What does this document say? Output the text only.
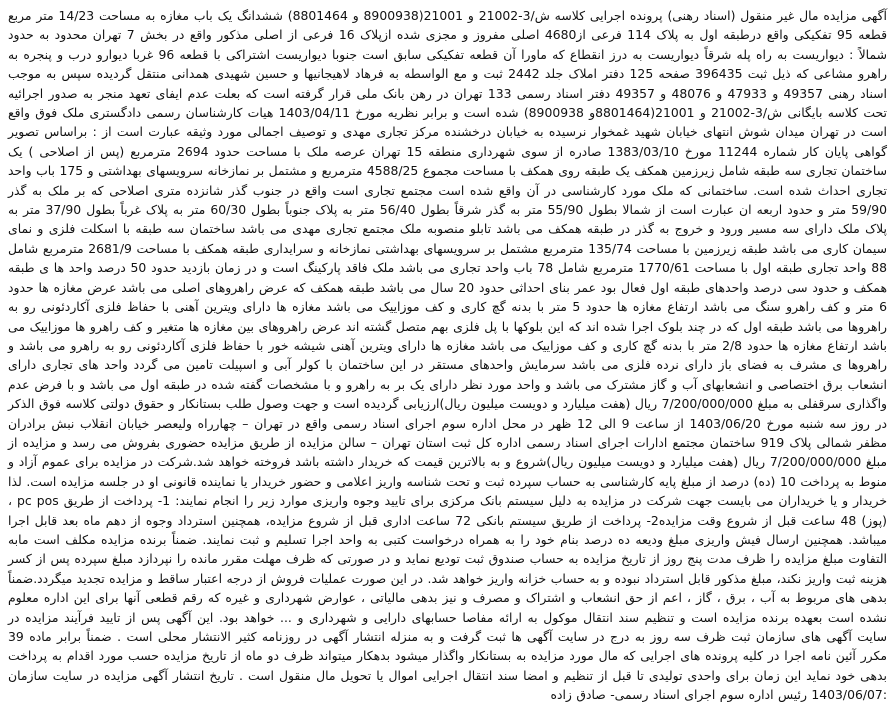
آگهی مزایده مال غیر منقول (اسناد رهنی) پرونده اجرایی کلاسه ش/3-21002 و 21001(8900938 و 8801464) ششدانگ یک باب مغازه به مساحت 14/23 متر مربع قطعه 95 تفکیکی واقع درطبقه اول به پلاک 114 فرعی از4680 اصلی مفروز و مجزی شده ازپلاک 16 فرعی از اصلی مذکور واقع در بخش 7 تهران محدود به حدود شمالاً : دیواریست به راه پله شرقاً دیواریست به درز انقطاع که ماورا آن قطعه تفکیکی سابق است جنوبا دیواریست اشتراکی با قطعه 96 غربا دیوارو درب و پنجره به راهرو مشاعی که ذیل ثبت 396435 صفحه 125 دفتر املاک جلد 2442 ثبت و مع الواسطه به فرهاد لاهیجانیها و حسین شهیدی همدانی منتقل گردیده سپس به موجب اسناد رهنی 49357 و 47933 و 48076 و 49357 دفتر اسناد رسمی 133 تهران در رهن بانک ملی قرار گرفته است که بعلت عدم ایفای تعهد منجر به صدور اجرائیه تحت کلاسه بایگانی ش/3-21002 و 21001(8801464و 8900938) شده است و برابر نظریه مورخ 1403/04/11 هیات کارشناسان رسمی دادگستری ملک فوق واقع است در تهران میدان شوش انتهای خیابان شهید غمخوار نرسیده به خیابان درخشنده مرکز تجاری مهدی و توصیف اجمالی مورد وثیقه عبارت است از : براساس تصویر گواهی پایان کار شماره 11244 مورخ 1383/03/10 صادره از سوی شهرداری منطقه 15 تهران عرصه ملک با مساحت حدود 2694 مترمربع (پس از اصلاحی ) یک ساختمان تجاری سه طبقه شامل زیرزمین همکف یک طبقه روی همکف با مساحت مجموع 4588/25 مترمربع و مشتمل بر نمازخانه سرویسهای بهداشتی و 175 باب واحد تجاری احداث شده است. ساختمانی که ملک مورد کارشناسی در آن واقع شده است مجتمع تجاری است واقع در جنوب گذر شانزده متری اصلاحی که بر ملک به گذر 59/90 متر و حدود اربعه ان عبارت است از شمالا بطول 55/90 متر به گذر شرقاً بطول 56/40 متر به پلاک جنوباً بطول 60/30 متر به پلاک غرباً بطول 37/90 متر به پلاک ملک دارای سه مسیر ورود و خروج به گذر در طبقه همکف می باشد تابلو منصوبه ملک مجتمع تجاری مهدی می باشد ساختمان سه طبقه با اسکلت فلزی و نمای سیمان کاری می باشد طبقه زیرزمین با مساحت 135/74 مترمربع مشتمل بر سرویسهای بهداشتی نمازخانه و سرایداری طبقه همکف با مساحت 2681/9 مترمربع شامل 88 واحد تجاری طبقه اول با مساحت 1770/61 مترمربع شامل 78 باب واحد تجاری می باشد ملک فاقد پارکینگ است و در زمان بازدید حدود 50 درصد واحد ها ی طبقه همکف و حدود سی درصد واحدهای طبقه اول فعال بود عمر بنای احداثی حدود 20 سال می باشد طبقه همکف که عرض راهروهای اصلی می باشد عرض مغازه ها حدود 6 متر و کف راهرو سنگ می باشد ارتفاع مغازه ها حدود 5 متر با بدنه گچ کاری و کف موزاییک می باشد مغازه ها دارای ویترین آهنی با حفاظ فلزی آکاردئونی رو به راهروها می باشد طبقه اول که در چند بلوک اجرا شده اند که این بلوکها با پل فلزی بهم متصل گشته اند عرض راهروهای بین مغازه ها متغیر و کف راهرو ها موزاییک می باشد ارتفاع مغازه ها حدود 2/8 متر با بدنه گچ کاری و کف موزاییک می باشد مغازه ها دارای ویترین آهنی شیشه خور با حفاظ فلزی آکاردئونی رو به راهرو می باشد و راهروها ی مشرف به فضای باز دارای نرده فلزی می باشد سرمایش واحدهای مستقر در این ساختمان با کولر آبی و اسپیلت تامین می گردد واحد های تجاری دارای انشعاب برق اختصاصی و انشعابهای آب و گاز مشترک می باشد و واحد مورد نظر دارای یک بر به راهرو و با مشخصات گفته شده در طبقه اول می باشد و با فرض عدم واگذاری سرقفلی به مبلغ 7/200/000/000 ریال (هفت میلیارد و دویست میلیون ریال)ارزیابی گردیده است و جهت وصول طلب بستانکار و حقوق دولتی کلاسه فوق الذکر در روز سه شنبه مورخ 1403/06/20 از ساعت 9 الی 12 ظهر در محل اداره سوم اجرای اسناد رسمی واقع در تهران – چهارراه ولیعصر خیابان انقلاب نبش برادران مظفر شمالی پلاک 919 ساختمان مجتمع ادارات اجرای اسناد رسمی اداره کل ثبت استان تهران – سالن مزایده از طریق مزایده حضوری بفروش می رسد و مزایده از مبلغ 7/200/000/000 ریال (هفت میلیارد و دویست میلیون ریال)شروع و به بالاترین قیمت که خریدار داشته باشد فروخته خواهد شد.شرکت در مزایده برای عموم آزاد و منوط به پرداخت 10 (ده) درصد از مبلغ پایه کارشناسی به حساب سپرده ثبت و تحت شناسه واریز اعلامی و حضور خریدار یا نماینده قانونی او در جلسه مزایده است. لذا خریدار و یا خریداران می بایست جهت شرکت در مزایده به دلیل سیستم بانک مرکزی برای تایید وجوه واریزی موارد زیر را انجام نمایند: 1- پرداخت از طریق pc pos ، (پوز) 48 ساعت قبل از شروع وقت مزایده2- پرداخت از طریق سیستم بانکی 72 ساعت اداری قبل از شروع مزایده، همچنین استرداد وجوه از دهم ماه بعد قابل اجرا میباشد. همچنین ارسال فیش واریزی مبلغ ودیعه ده درصد بنام خود را به همراه درخواست کتبی به واحد اجرا تسلیم و ثبت نمایند. ضمناً برنده مزایده مکلف است مابه التفاوت مبلغ مزایده را ظرف مدت پنج روز از تاریخ مزایده به حساب صندوق ثبت تودیع نماید و در صورتی که ظرف مهلت مقرر مانده را نپردازد مبلغ سپرده پس از کسر هزینه ثبت واریز نکند، مبلغ مذکور قابل استرداد نبوده و به حساب خزانه واریز خواهد شد. در این صورت عملیات فروش از درجه اعتبار ساقط و مزایده تجدید میگردد.ضمناً بدهی های مربوط به آب ، برق ، گاز ، اعم از حق انشعاب و اشتراک و مصرف و نیز بدهی مالیاتی ، عوارض شهرداری و غیره که رقم قطعی آنها برای این اداره معلوم نشده است بعهده برنده مزایده است و تنظیم سند انتقال موکول به ارائه مفاصا حسابهای دارایی و شهرداری و ... خواهد بود. این آگهی پس از تایید فرآیند مزایده در سایت آگهی های سازمان ثبت ظرف سه روز به درج در سایت آگهی ها ثبت گرفت و به منزله انتشار آگهی در روزنامه کثیر الانتشار محلی است . ضمناً برابر ماده 39 مکرر آئین نامه اجرا در کلیه پرونده های اجرایی که مال مورد مزایده به بستانکار واگذار میشود بدهکار میتواند ظرف دو ماه از تاریخ مزایده حسب مورد اقدام به پرداخت بدهی خود نماید این زمان برای واحدی تولیدی تا قبل از تنظیم و امضا سند انتقال اجرایی اموال یا تحویل مال منقول است . تاریخ انتشار آگهی مزایده در سایت سازمان :1403/06/07 رئیس اداره سوم اجرای اسناد رسمی- صادق زاده
